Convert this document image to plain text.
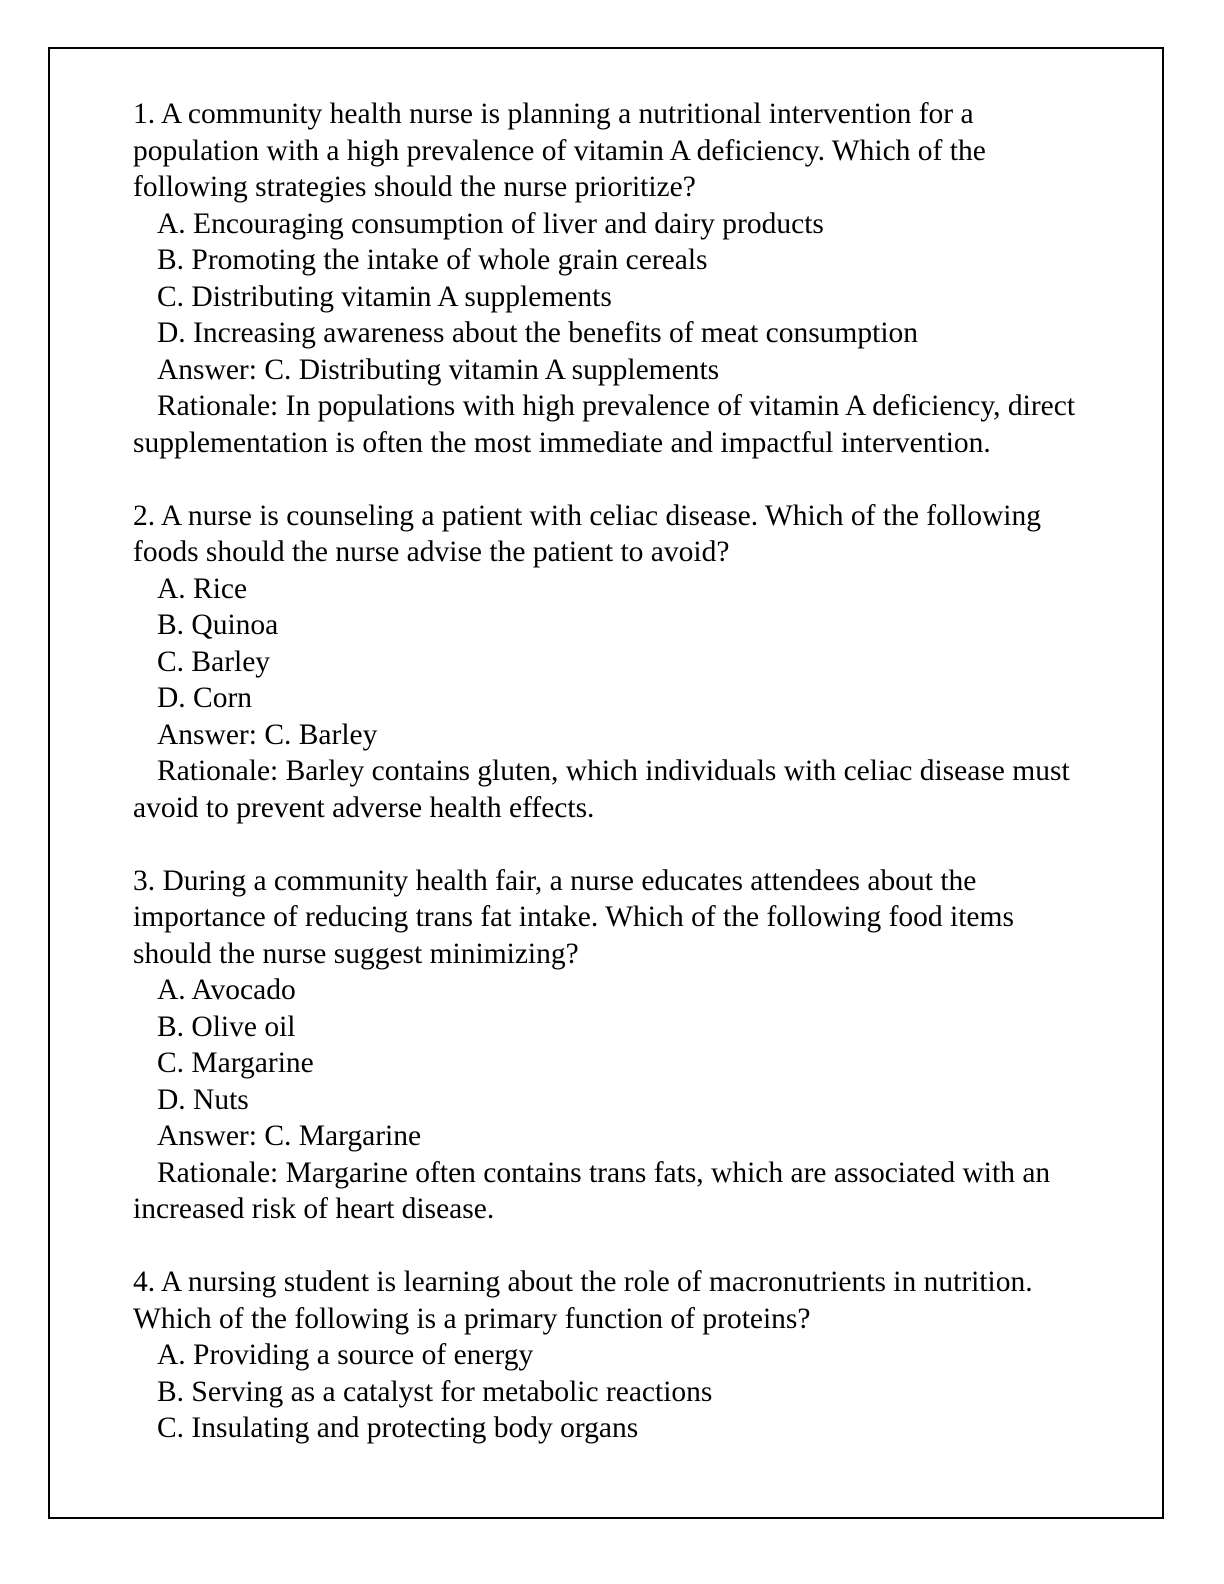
1. A community health nurse is planning a nutritional intervention for a population with a high prevalence of vitamin A deficiency. Which of the following strategies should the nurse prioritize?

A. Encouraging consumption of liver and dairy products

B. Promoting the intake of whole grain cereals

C. Distributing vitamin A supplements

D. Increasing awareness about the benefits of meat consumption

Answer: C. Distributing vitamin A supplements

Rationale: In populations with high prevalence of vitamin A deficiency, direct supplementation is often the most immediate and impactful intervention.

2. A nurse is counseling a patient with celiac disease. Which of the following foods should the nurse advise the patient to avoid?

A. Rice

B. Quinoa

C. Barley

D. Corn

Answer: C. Barley

Rationale: Barley contains gluten, which individuals with celiac disease must avoid to prevent adverse health effects.

3. During a community health fair, a nurse educates attendees about the importance of reducing trans fat intake. Which of the following food items should the nurse suggest minimizing?

A. Avocado

B. Olive oil

C. Margarine

D. Nuts

Answer: C. Margarine

Rationale: Margarine often contains trans fats, which are associated with an increased risk of heart disease.

4. A nursing student is learning about the role of macronutrients in nutrition. Which of the following is a primary function of proteins?

A. Providing a source of energy

B. Serving as a catalyst for metabolic reactions

C. Insulating and protecting body organs
